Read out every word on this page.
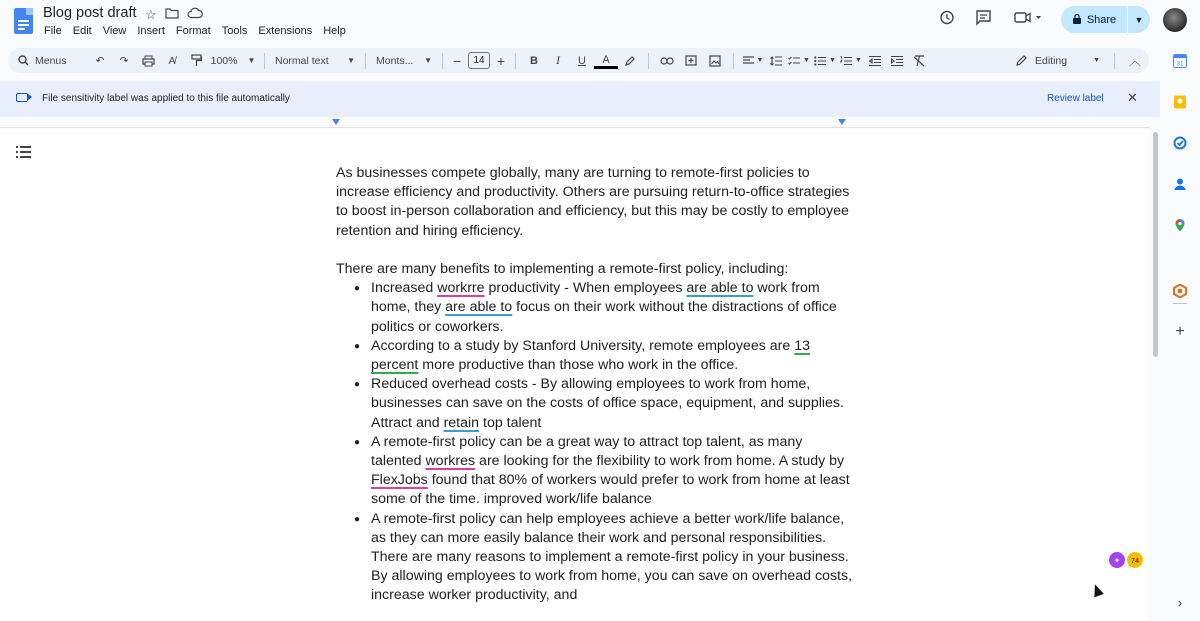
Blog post draft ☆
File Edit View Insert Format Tools Extensions Help
Share ▼
Menus	↶	↷	A̸	100% ▼ Normal text ▼ Monts... ▼ −	14 +	B	I	U	A	▼	▼	▼	▼	Editing	▼	︿
File sensitivity label was applied to this file automatically	Review label ✕

As businesses compete globally, many are turning to remote-first policies to increase efficiency and productivity. Others are pursuing return-to-office strategies to boost in-person collaboration and efficiency, but this may be costly to employee retention and hiring efficiency.

There are many benefits to implementing a remote-first policy, including:

● Increased workrre productivity - When employees are able to work from home, they are able to focus on their work without the distractions of office politics or coworkers.
● According to a study by Stanford University, remote employees are 13 percent more productive than those who work in the office.
● Reduced overhead costs - By allowing employees to work from home, businesses can save on the costs of office space, equipment, and supplies. Attract and retain top talent
● A remote-first policy can be a great way to attract top talent, as many talented workres are looking for the flexibility to work from home. A study by FlexJobs found that 80% of workers would prefer to work from home at least some of the time. improved work/life balance
● A remote-first policy can help employees achieve a better work/life balance, as they can more easily balance their work and personal responsibilities. There are many reasons to implement a remote-first policy in your business. By allowing employees to work from home, you can save on overhead costs, increase worker productivity, and
✦	74
31
+
›
